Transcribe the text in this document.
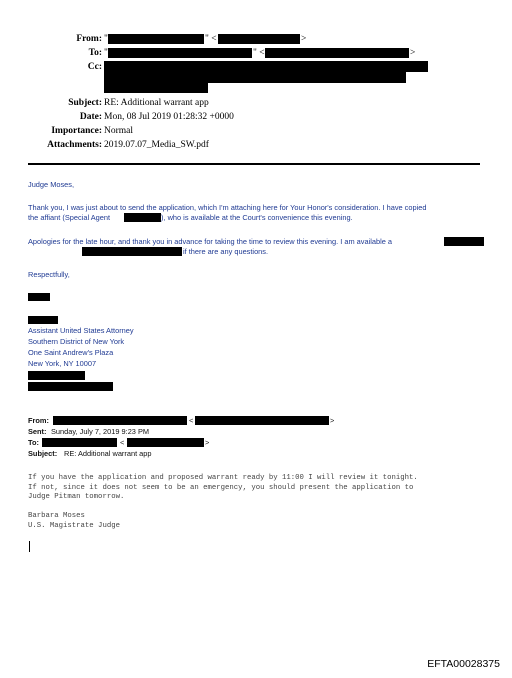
From: "	" <	>
To: "	" <	>
Cc:
Subject: RE: Additional warrant app
Date: Mon, 08 Jul 2019 01:28:32 +0000
Importance: Normal
Attachments: 2019.07.07_Media_SW.pdf
Judge Moses,
Thank you, I was just about to send the application, which I'm attaching here for Your Honor's consideration. I have copied
the affiant (Special Agent	), who is available at the Court's convenience this evening.
Apologies for the late hour, and thank you in advance for taking the time to review this evening. I am available a
if there are any questions.
Respectfully,
Assistant United States Attorney
Southern District of New York
One Saint Andrew's Plaza
New York, NY 10007
From:	<	>
Sent: Sunday, July 7, 2019 9:23 PM
To:	<	>
Subject: RE: Additional warrant app
If you have the application and proposed warrant ready by 11:00 I will review it tonight.
If not, since it does not seem to be an emergency, you should present the application to
Judge Pitman tomorrow.
Barbara Moses
U.S. Magistrate Judge
EFTA00028375
